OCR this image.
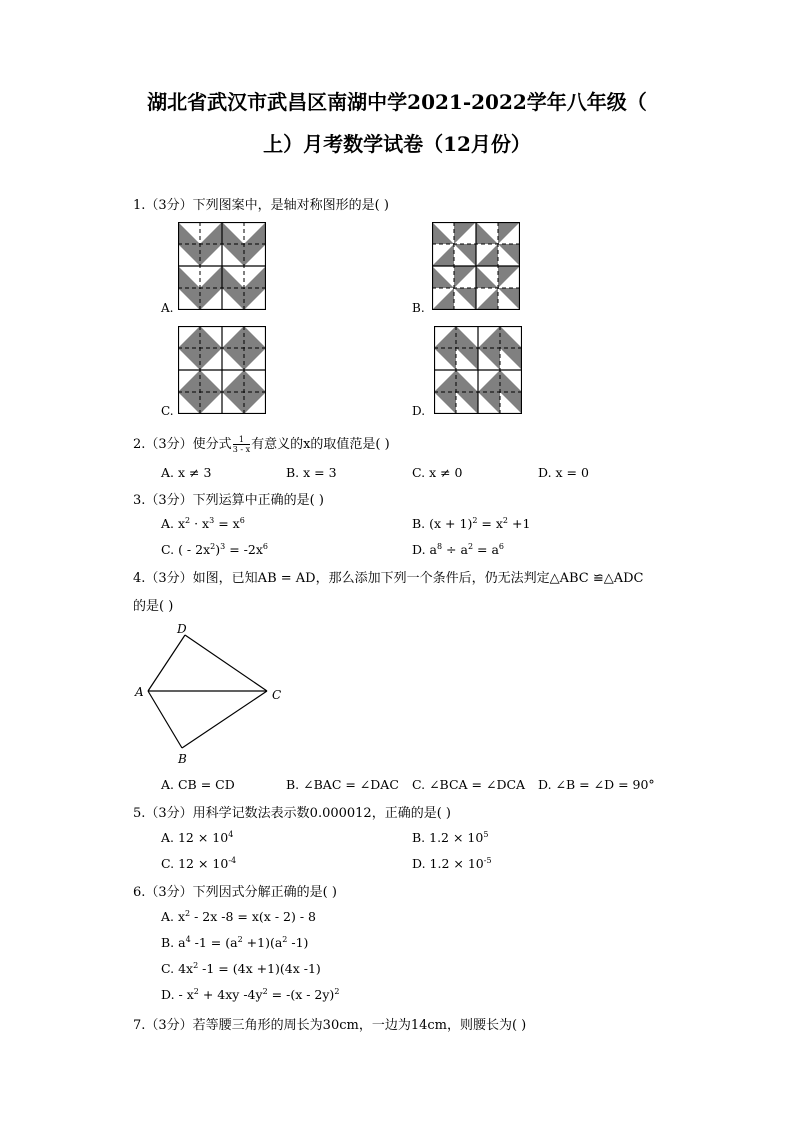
湖北省武汉市武昌区南湖中学2021-2022学年八年级（
上）月考数学试卷（12月份）
1.（3分）下列图案中，是轴对称图形的是( )
A.	B.
C.	D.
2.（3分）使分式 $\frac{1}{3 - x}$ 有意义的x的取值范是( )
A. x ≠ 3	B. x = 3	C. x ≠ 0	D. x = 0
3.（3分）下列运算中正确的是( )
A. $x^2 \cdot x^3 = x^6$	B. $(x + 1)^2 = x^2 +1$
C. ( - $2x^2)^3 = -2x^6$	D. $a^8 \div a^2 = a^6$
4.（3分）如图，已知AB = AD，那么添加下列一个条件后，仍无法判定△ABC ≌△ADC
的是( )
D
A	C
B
A. CB = CD	B. ∠BAC = ∠DAC C. ∠BCA = ∠DCA D. ∠B = ∠D = 90°
5.（3分）用科学记数法表示数0.000012，正确的是( )
A. $12 \times 10^4$	B. $1.2 \times 10^5$
C. $12 \times 10^{-4}$	D. $1.2 \times 10^{-5}$
6.（3分）下列因式分解正确的是( )
A. $x^2 - 2x$ -8 = x(x - 2) - 8
B. $a^4$ $-1 = (a^2 +1)(a^2$ -1)
C. $4x^2$ -1 = (4x +1)(4x -1)
D. - $x^2 + 4xy$ $-4y^2 = -(x - 2y)^2$
7.（3分）若等腰三角形的周长为30cm，一边为14cm，则腰长为( )
